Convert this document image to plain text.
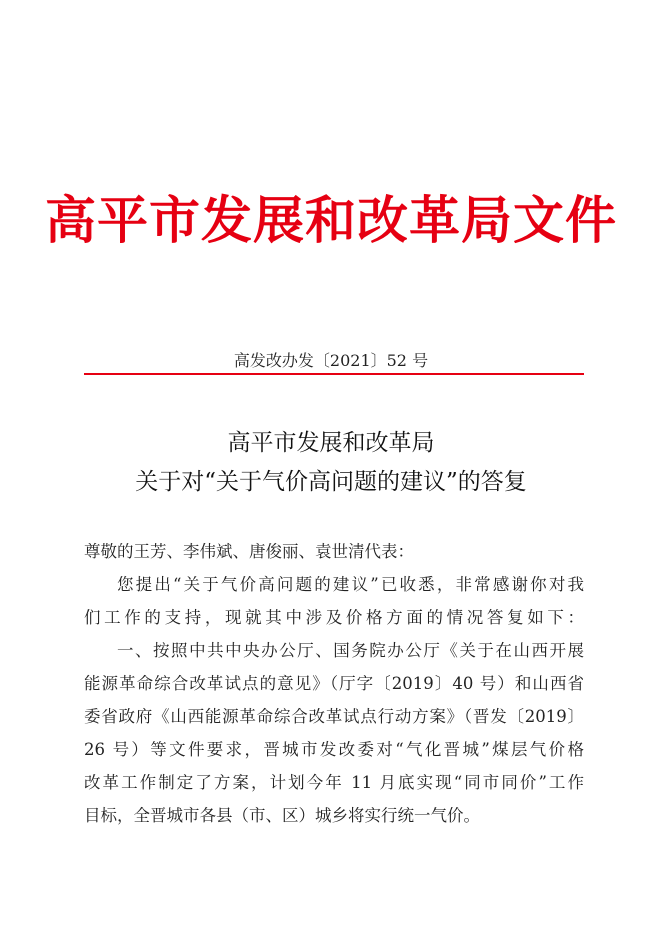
高平市发展和改革局文件
高发改办发〔2021〕52 号
高平市发展和改革局
关于对“关于气价高问题的建议”的答复
尊敬的王芳、李伟斌、唐俊丽、袁世清代表：
您提出“关于气价高问题的建议”已收悉，非常感谢你对我
们工作的支持，现就其中涉及价格方面的情况答复如下：
一、按照中共中央办公厅、国务院办公厅《关于在山西开展
能源革命综合改革试点的意见》（厅字〔2019〕40 号）和山西省
委省政府《山西能源革命综合改革试点行动方案》（晋发〔2019〕
26 号）等文件要求，晋城市发改委对“气化晋城”煤层气价格
改革工作制定了方案，计划今年 11 月底实现“同市同价”工作
目标，全晋城市各县（市、区）城乡将实行统一气价。
